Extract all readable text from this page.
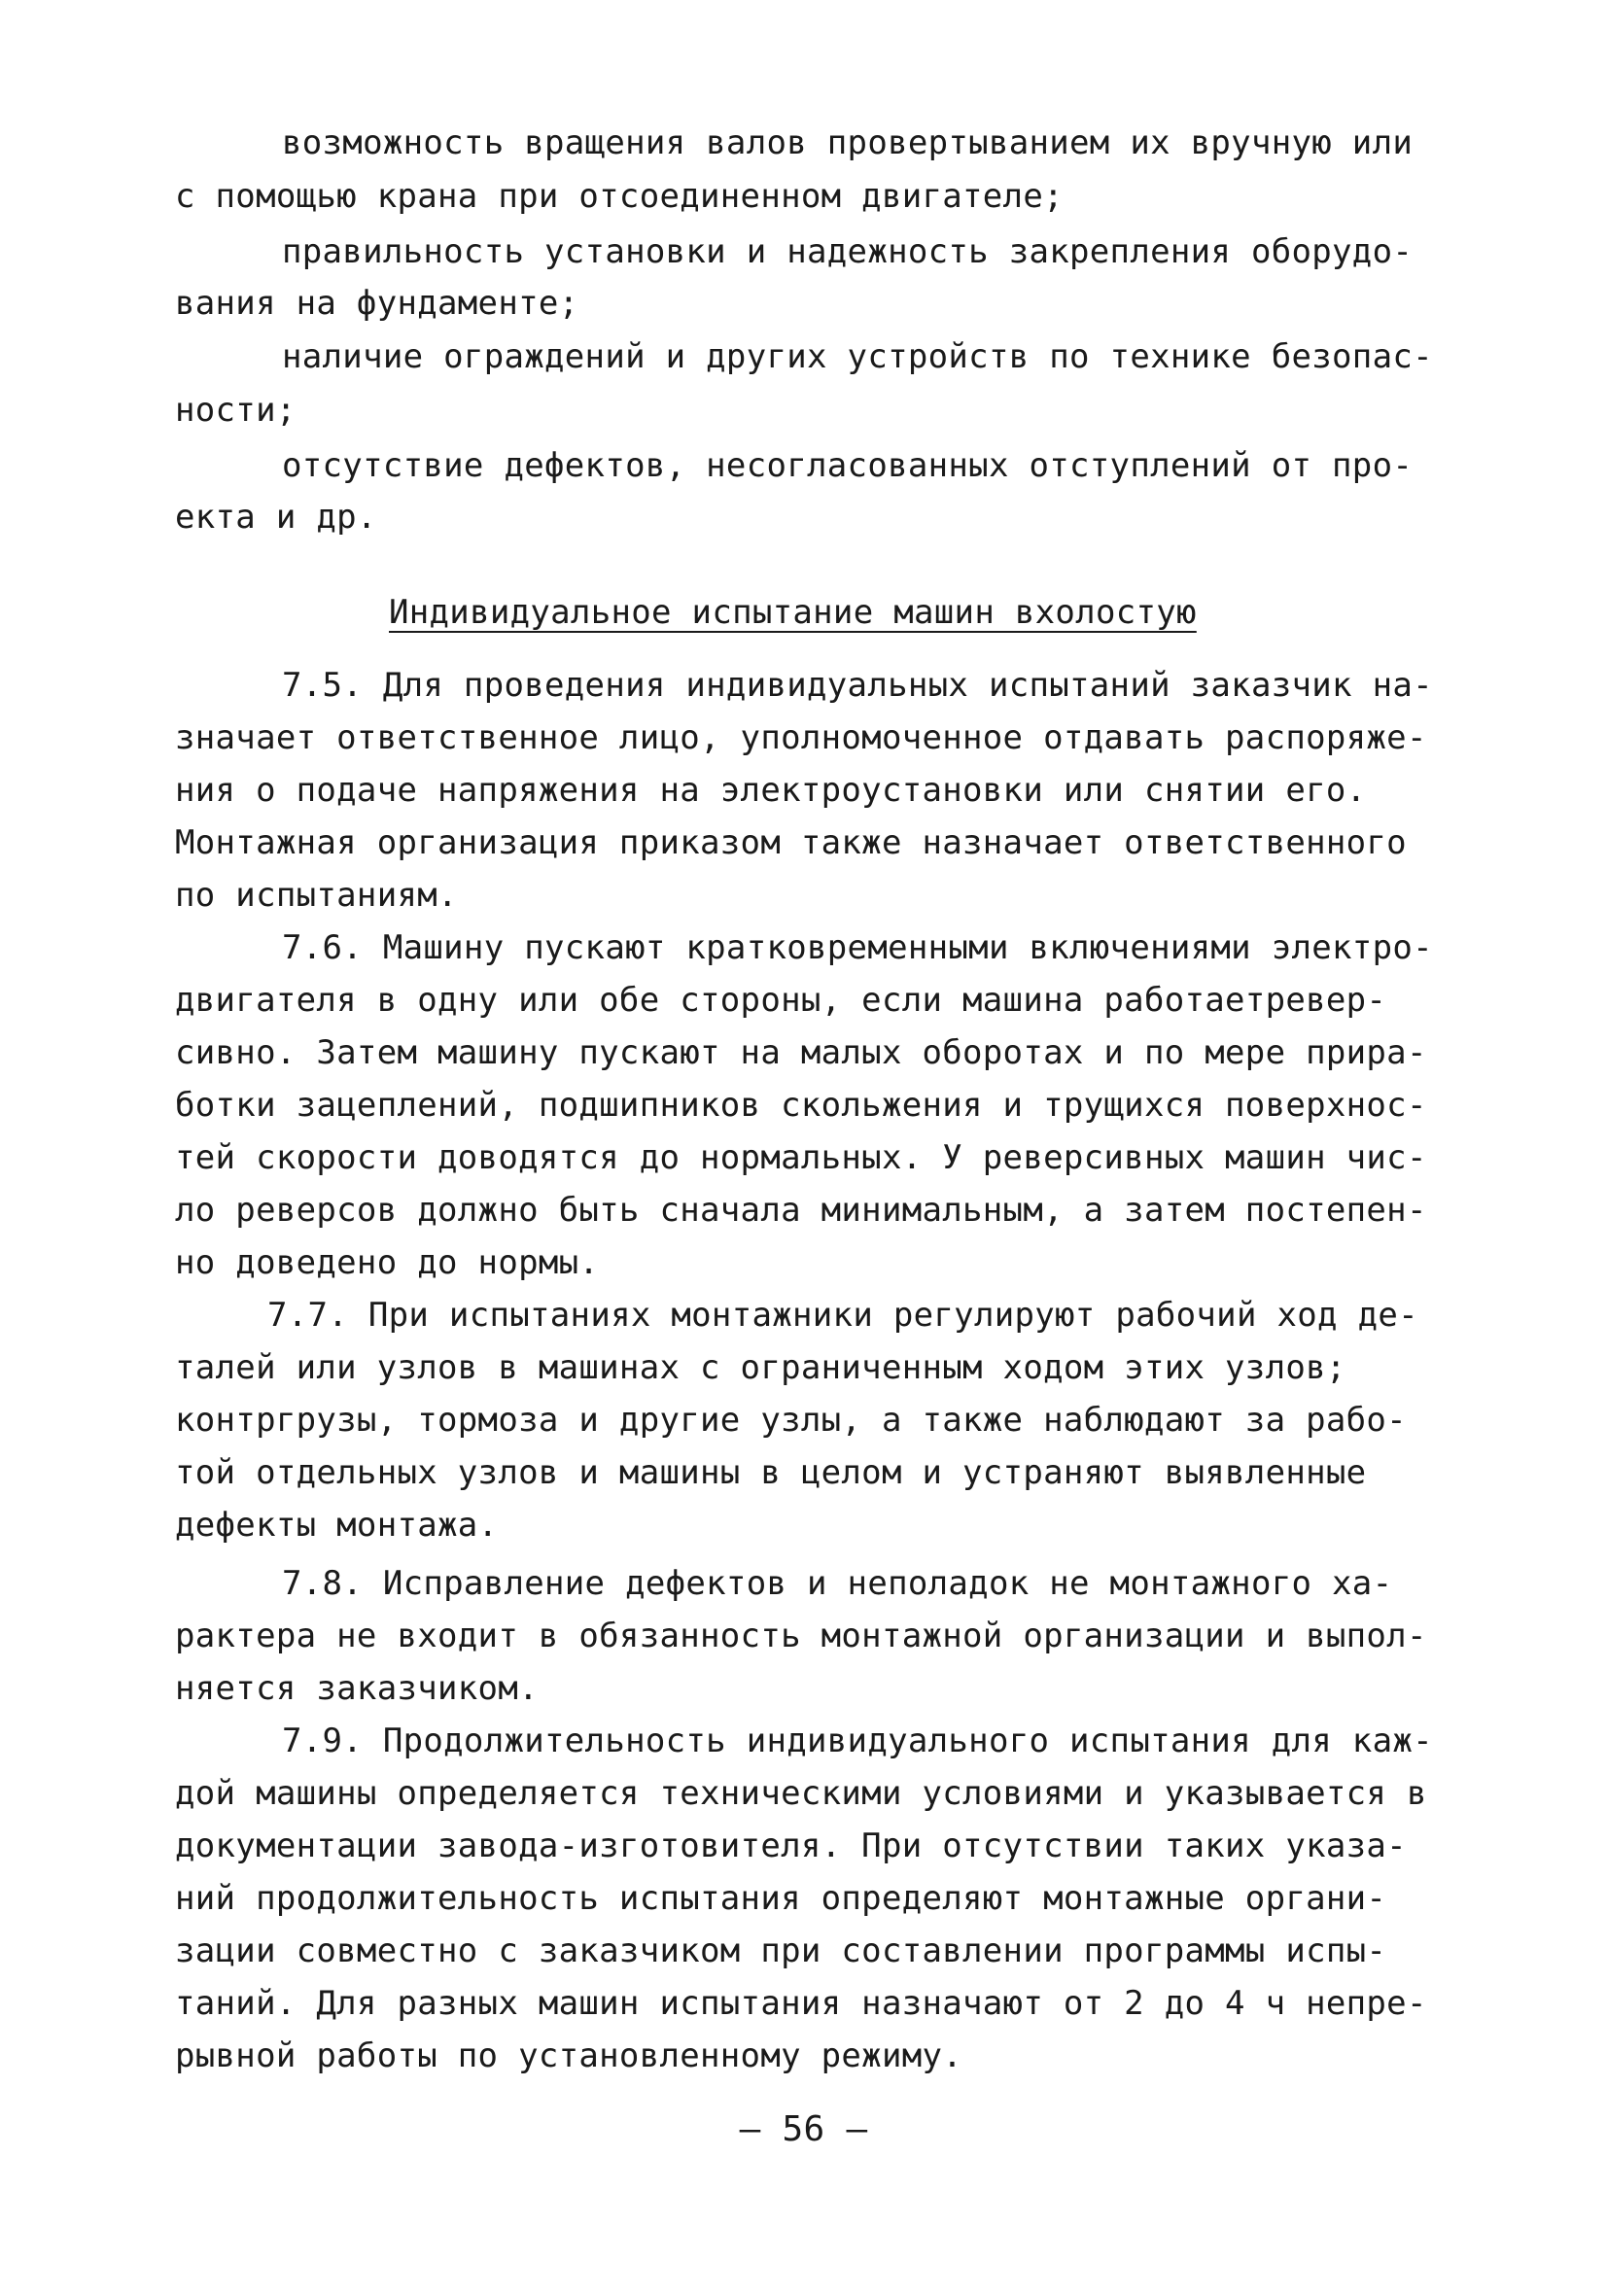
возможность вращения валов провертыванием их вручную или
с помощью крана при отсоединенном двигателе;
правильность установки и надежность закрепления оборудо-
вания на фундаменте;
наличие ограждений и других устройств по технике безопас-
ности;
отсутствие дефектов, несогласованных отступлений от про-
екта и др.
Индивидуальное испытание машин вхолостую
7.5. Для проведения индивидуальных испытаний заказчик на-
значает ответственное лицо, уполномоченное отдавать распоряже-
ния о подаче напряжения на электроустановки или снятии его.
Монтажная организация приказом также назначает ответственного
по испытаниям.
7.6. Машину пускают кратковременными включениями электро-
двигателя в одну или обе стороны, если машина работаетревер-
сивно. Затем машину пускают на малых оборотах и по мере прира-
ботки зацеплений, подшипников скольжения и трущихся поверхнос-
тей скорости доводятся до нормальных. У реверсивных машин чис-
ло реверсов должно быть сначала минимальным, а затем постепен-
но доведено до нормы.
7.7. При испытаниях монтажники регулируют рабочий ход де-
талей или узлов в машинах с ограниченным ходом этих узлов;
контргрузы, тормоза и другие узлы, а также наблюдают за рабо-
той отдельных узлов и машины в целом и устраняют выявленные
дефекты монтажа.
7.8. Исправление дефектов и неполадок не монтажного ха-
рактера не входит в обязанность монтажной организации и выпол-
няется заказчиком.
7.9. Продолжительность индивидуального испытания для каж-
дой машины определяется техническими условиями и указывается в
документации завода-изготовителя. При отсутствии таких указа-
ний продолжительность испытания определяют монтажные органи-
зации совместно с заказчиком при составлении программы испы-
таний. Для разных машин испытания назначают от 2 до 4 ч непре-
рывной работы по установленному режиму.
– 56 –
